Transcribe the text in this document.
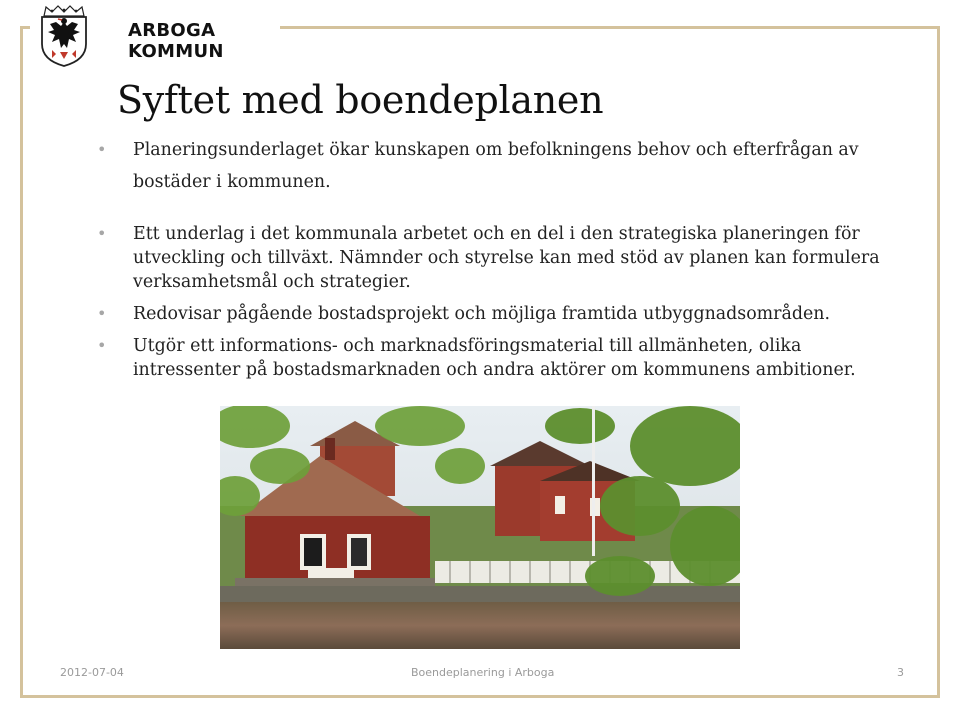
ARBOGA KOMMUN
Syftet med boendeplanen
• Planeringsunderlaget ökar kunskapen om befolkningens behov och efterfrågan av bostäder i kommunen.
• Ett underlag i det kommunala arbetet och en del i den strategiska planeringen för utveckling och tillväxt. Nämnder och styrelse kan med stöd av planen kan formulera verksamhetsmål och strategier.
• Redovisar pågående bostadsprojekt och möjliga framtida utbyggnadsområden.
• Utgör ett informations- och marknadsföringsmaterial till allmänheten, olika intressenter på bostadsmarknaden och andra aktörer om kommunens ambitioner.
2012-07-04	Boendeplanering i Arboga	3
